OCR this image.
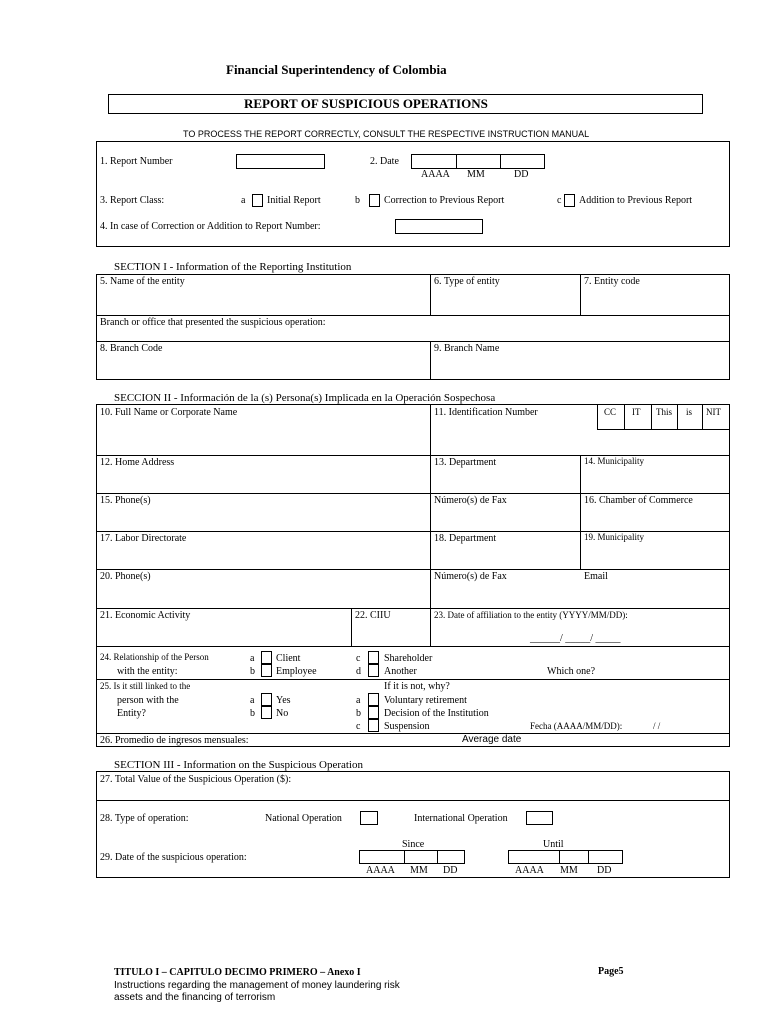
Financial Superintendency of Colombia
REPORT OF SUSPICIOUS OPERATIONS
TO PROCESS THE REPORT CORRECTLY, CONSULT THE RESPECTIVE INSTRUCTION MANUAL
1. Report Number	2. Date
AAAA MM	DD
3. Report Class:	a Initial Report	b Correction to Previous Report	c Addition to Previous Report
4. In case of Correction or Addition to Report Number:
SECTION I - Information of the Reporting Institution
5. Name of the entity	6. Type of entity	7. Entity code
Branch or office that presented the suspicious operation:
8. Branch Code	9. Branch Name
SECCION II - Información de la (s) Persona(s) Implicada en la Operación Sospechosa
CC IT This is NIT
10. Full Name or Corporate Name	11. Identification Number
12. Home Address	13. Department	14. Municipality
15. Phone(s)	Número(s) de Fax	16. Chamber of Commerce
17. Labor Directorate	18. Department	19. Municipality
20. Phone(s)	Número(s) de Fax	Email
21. Economic Activity	22. CIIU	23. Date of affiliation to the entity (YYYY/MM/DD):
______/ _____/ _____
24. Relationship of the Person
with the entity:
a Client
b Employee
c Shareholder
d Another	Which one?
25. Is it still linked to the
person with the
Entity?
a Yes
b No
If it is not, why?
a Voluntary retirement
b Decision of the Institution
c Suspension	Fecha (AAAA/MM/DD):	/ /
26. Promedio de ingresos mensuales:	Average date
SECTION III - Information on the Suspicious Operation
27. Total Value of the Suspicious Operation ($):
28. Type of operation:	National Operation	International Operation
Since	Until
29. Date of the suspicious operation:
AAAA MM DD	AAAA MM DD
TITULO I – CAPITULO DECIMO PRIMERO – Anexo I	Page5
Instructions regarding the management of money laundering risk
assets and the financing of terrorism
